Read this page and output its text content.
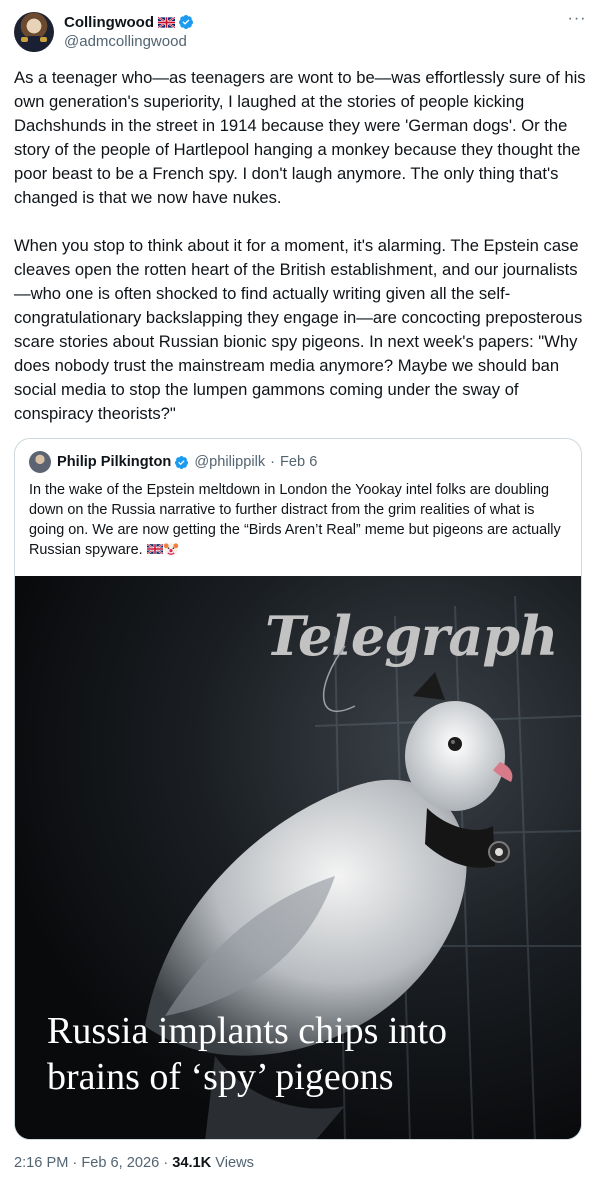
Collingwood
@admcollingwood
···

As a teenager who—as teenagers are wont to be—was effortlessly sure of his own generation's superiority, I laughed at the stories of people kicking Dachshunds in the street in 1914 because they were 'German dogs'. Or the story of the people of Hartlepool hanging a monkey because they thought the poor beast to be a French spy. I don't laugh anymore. The only thing that's changed is that we now have nukes.

When you stop to think about it for a moment, it's alarming. The Epstein case cleaves open the rotten heart of the British establishment, and our journalists—who one is often shocked to find actually writing given all the self-congratulationary backslapping they engage in—are concocting preposterous scare stories about Russian bionic spy pigeons. In next week's papers: "Why does nobody trust the mainstream media anymore? Maybe we should ban social media to stop the lumpen gammons coming under the sway of conspiracy theorists?"

Philip Pilkington @philippilk · Feb 6
In the wake of the Epstein meltdown in London the Yookay intel folks are doubling down on the Russia narrative to further distract from the grim realities of what is going on. We are now getting the “Birds Aren’t Real” meme but pigeons are actually Russian spyware.
Telegraph
Russia implants chips into
brains of ‘spy’ pigeons
2:16 PM · Feb 6, 2026 · 34.1K Views
